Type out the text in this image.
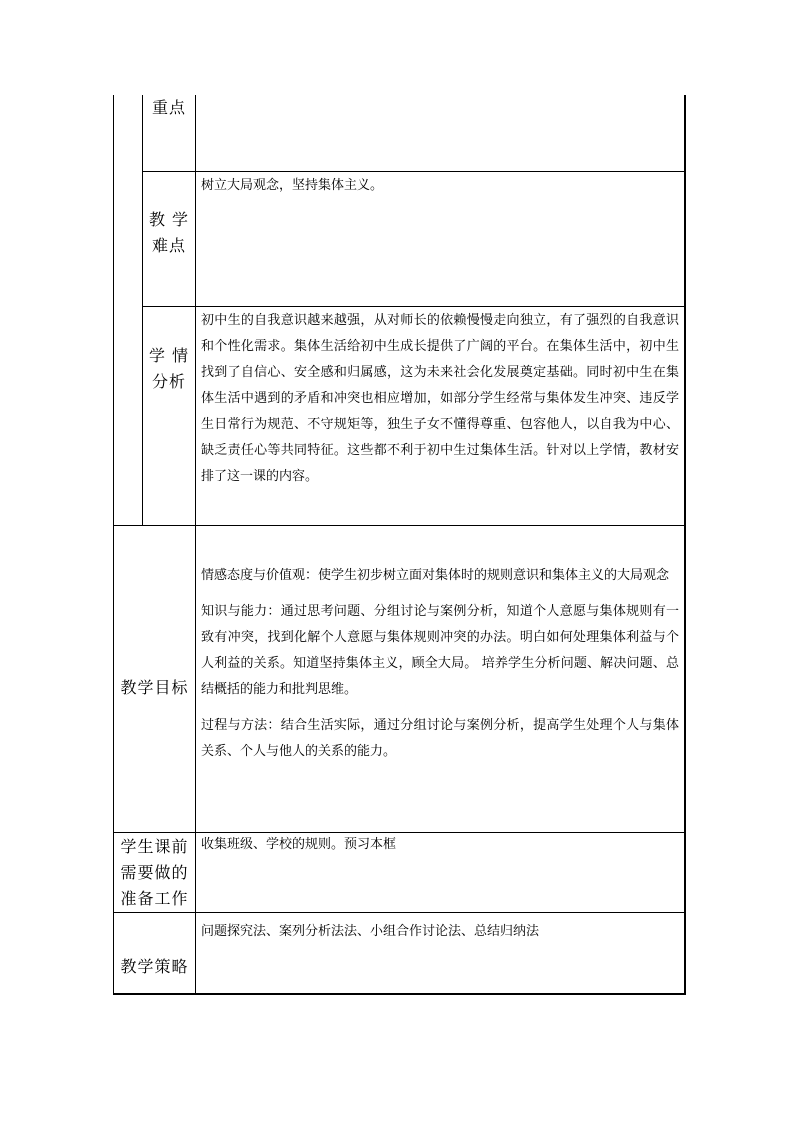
重点
教 学
难点
树立大局观念，坚持集体主义。
学 情
分析
初中生的自我意识越来越强，从对师长的依赖慢慢走向独立，有了强烈的自我意识和个性化需求。集体生活给初中生成长提供了广阔的平台。在集体生活中，初中生找到了自信心、安全感和归属感，这为未来社会化发展奠定基础。同时初中生在集体生活中遇到的矛盾和冲突也相应增加，如部分学生经常与集体发生冲突、违反学生日常行为规范、不守规矩等，独生子女不懂得尊重、包容他人，以自我为中心、缺乏责任心等共同特征。这些都不利于初中生过集体生活。针对以上学情，教材安排了这一课的内容。
教学目标

情感态度与价值观：使学生初步树立面对集体时的规则意识和集体主义的大局观念

知识与能力：通过思考问题、分组讨论与案例分析，知道个人意愿与集体规则有一致有冲突，找到化解个人意愿与集体规则冲突的办法。明白如何处理集体利益与个人利益的关系。知道坚持集体主义，顾全大局。 培养学生分析问题、解决问题、总结概括的能力和批判思维。

过程与方法：结合生活实际，通过分组讨论与案例分析，提高学生处理个人与集体关系、个人与他人的关系的能力。

学生课前
需要做的
准备工作
收集班级、学校的规则。预习本框
教学策略
问题探究法、案列分析法法、小组合作讨论法、总结归纳法
